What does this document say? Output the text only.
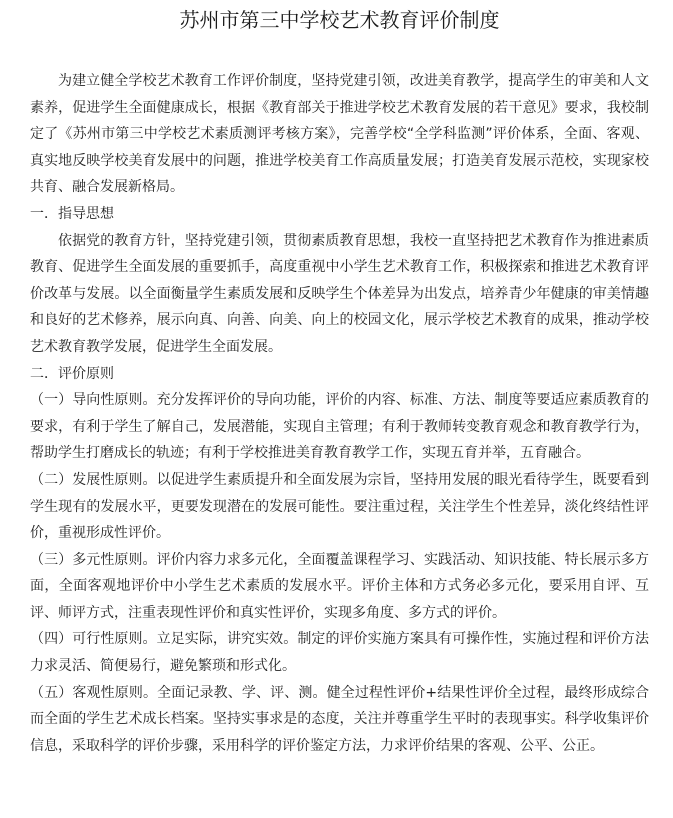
苏州市第三中学校艺术教育评价制度

为建立健全学校艺术教育工作评价制度，坚持党建引领，改进美育教学，提高学生的审美和人文素养，促进学生全面健康成长，根据《教育部关于推进学校艺术教育发展的若干意见》要求，我校制定了《苏州市第三中学校艺术素质测评考核方案》，完善学校“全学科监测”评价体系，全面、客观、真实地反映学校美育发展中的问题，推进学校美育工作高质量发展；打造美育发展示范校，实现家校共育、融合发展新格局。

一．指导思想

依据党的教育方针，坚持党建引领，贯彻素质教育思想，我校一直坚持把艺术教育作为推进素质教育、促进学生全面发展的重要抓手，高度重视中小学生艺术教育工作，积极探索和推进艺术教育评价改革与发展。以全面衡量学生素质发展和反映学生个体差异为出发点，培养青少年健康的审美情趣和良好的艺术修养，展示向真、向善、向美、向上的校园文化，展示学校艺术教育的成果，推动学校艺术教育教学发展，促进学生全面发展。

二．评价原则

（一）导向性原则。充分发挥评价的导向功能，评价的内容、标准、方法、制度等要适应素质教育的要求，有利于学生了解自己，发展潜能，实现自主管理；有利于教师转变教育观念和教育教学行为，帮助学生打磨成长的轨迹；有利于学校推进美育教育教学工作，实现五育并举，五育融合。

（二）发展性原则。以促进学生素质提升和全面发展为宗旨，坚持用发展的眼光看待学生，既要看到学生现有的发展水平，更要发现潜在的发展可能性。要注重过程，关注学生个性差异，淡化终结性评价，重视形成性评价。

（三）多元性原则。评价内容力求多元化，全面覆盖课程学习、实践活动、知识技能、特长展示多方面，全面客观地评价中小学生艺术素质的发展水平。评价主体和方式务必多元化，要采用自评、互评、师评方式，注重表现性评价和真实性评价，实现多角度、多方式的评价。

（四）可行性原则。立足实际，讲究实效。制定的评价实施方案具有可操作性，实施过程和评价方法力求灵活、简便易行，避免繁琐和形式化。

（五）客观性原则。全面记录教、学、评、测。健全过程性评价+结果性评价全过程，最终形成综合而全面的学生艺术成长档案。坚持实事求是的态度，关注并尊重学生平时的表现事实。科学收集评价信息，采取科学的评价步骤，采用科学的评价鉴定方法，力求评价结果的客观、公平、公正。
